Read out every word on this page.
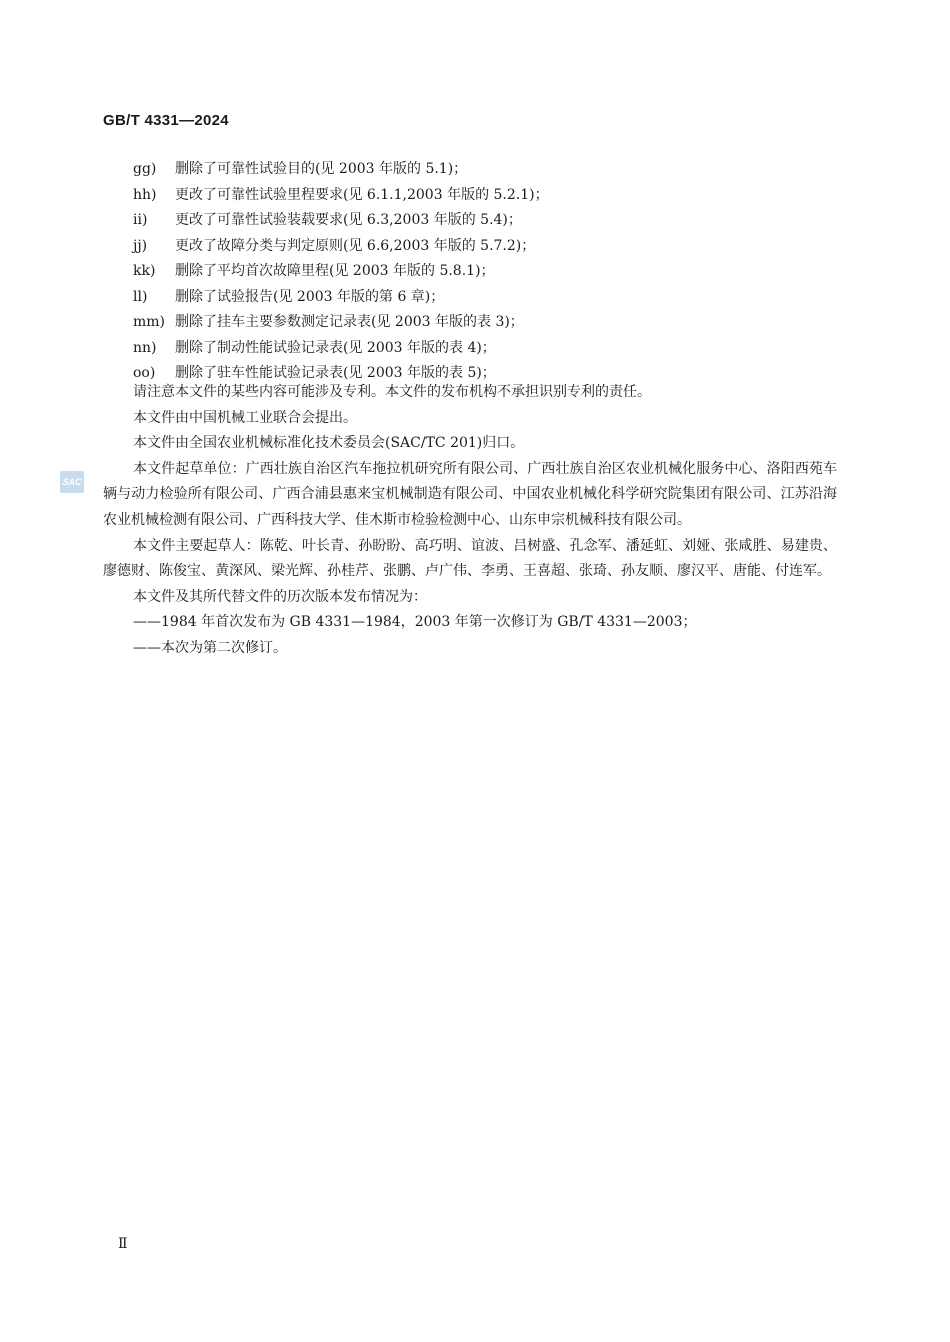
GB/T 4331—2024
gg) 删除了可靠性试验目的(见 2003 年版的 5.1)；
hh) 更改了可靠性试验里程要求(见 6.1.1,2003 年版的 5.2.1)；
ii) 更改了可靠性试验装载要求(见 6.3,2003 年版的 5.4)；
jj) 更改了故障分类与判定原则(见 6.6,2003 年版的 5.7.2)；
kk) 删除了平均首次故障里程(见 2003 年版的 5.8.1)；
ll) 删除了试验报告(见 2003 年版的第 6 章)；
mm) 删除了挂车主要参数测定记录表(见 2003 年版的表 3)；
nn) 删除了制动性能试验记录表(见 2003 年版的表 4)；
oo) 删除了驻车性能试验记录表(见 2003 年版的表 5)；

请注意本文件的某些内容可能涉及专利。本文件的发布机构不承担识别专利的责任。

本文件由中国机械工业联合会提出。

本文件由全国农业机械标准化技术委员会(SAC/TC 201)归口。

本文件起草单位：广西壮族自治区汽车拖拉机研究所有限公司、广西壮族自治区农业机械化服务中心、洛阳西苑车辆与动力检验所有限公司、广西合浦县惠来宝机械制造有限公司、中国农业机械化科学研究院集团有限公司、江苏沿海农业机械检测有限公司、广西科技大学、佳木斯市检验检测中心、山东申宗机械科技有限公司。

本文件主要起草人：陈乾、叶长青、孙盼盼、高巧明、谊波、吕树盛、孔念军、潘延虹、刘娅、张咸胜、易建贵、廖德财、陈俊宝、黄深风、梁光辉、孙桂芹、张鹏、卢广伟、李勇、王喜超、张琦、孙友顺、廖汉平、唐能、付连军。

本文件及其所代替文件的历次版本发布情况为：

——1984 年首次发布为 GB 4331—1984，2003 年第一次修订为 GB/T 4331—2003；

——本次为第二次修订。

SAC
Ⅱ
